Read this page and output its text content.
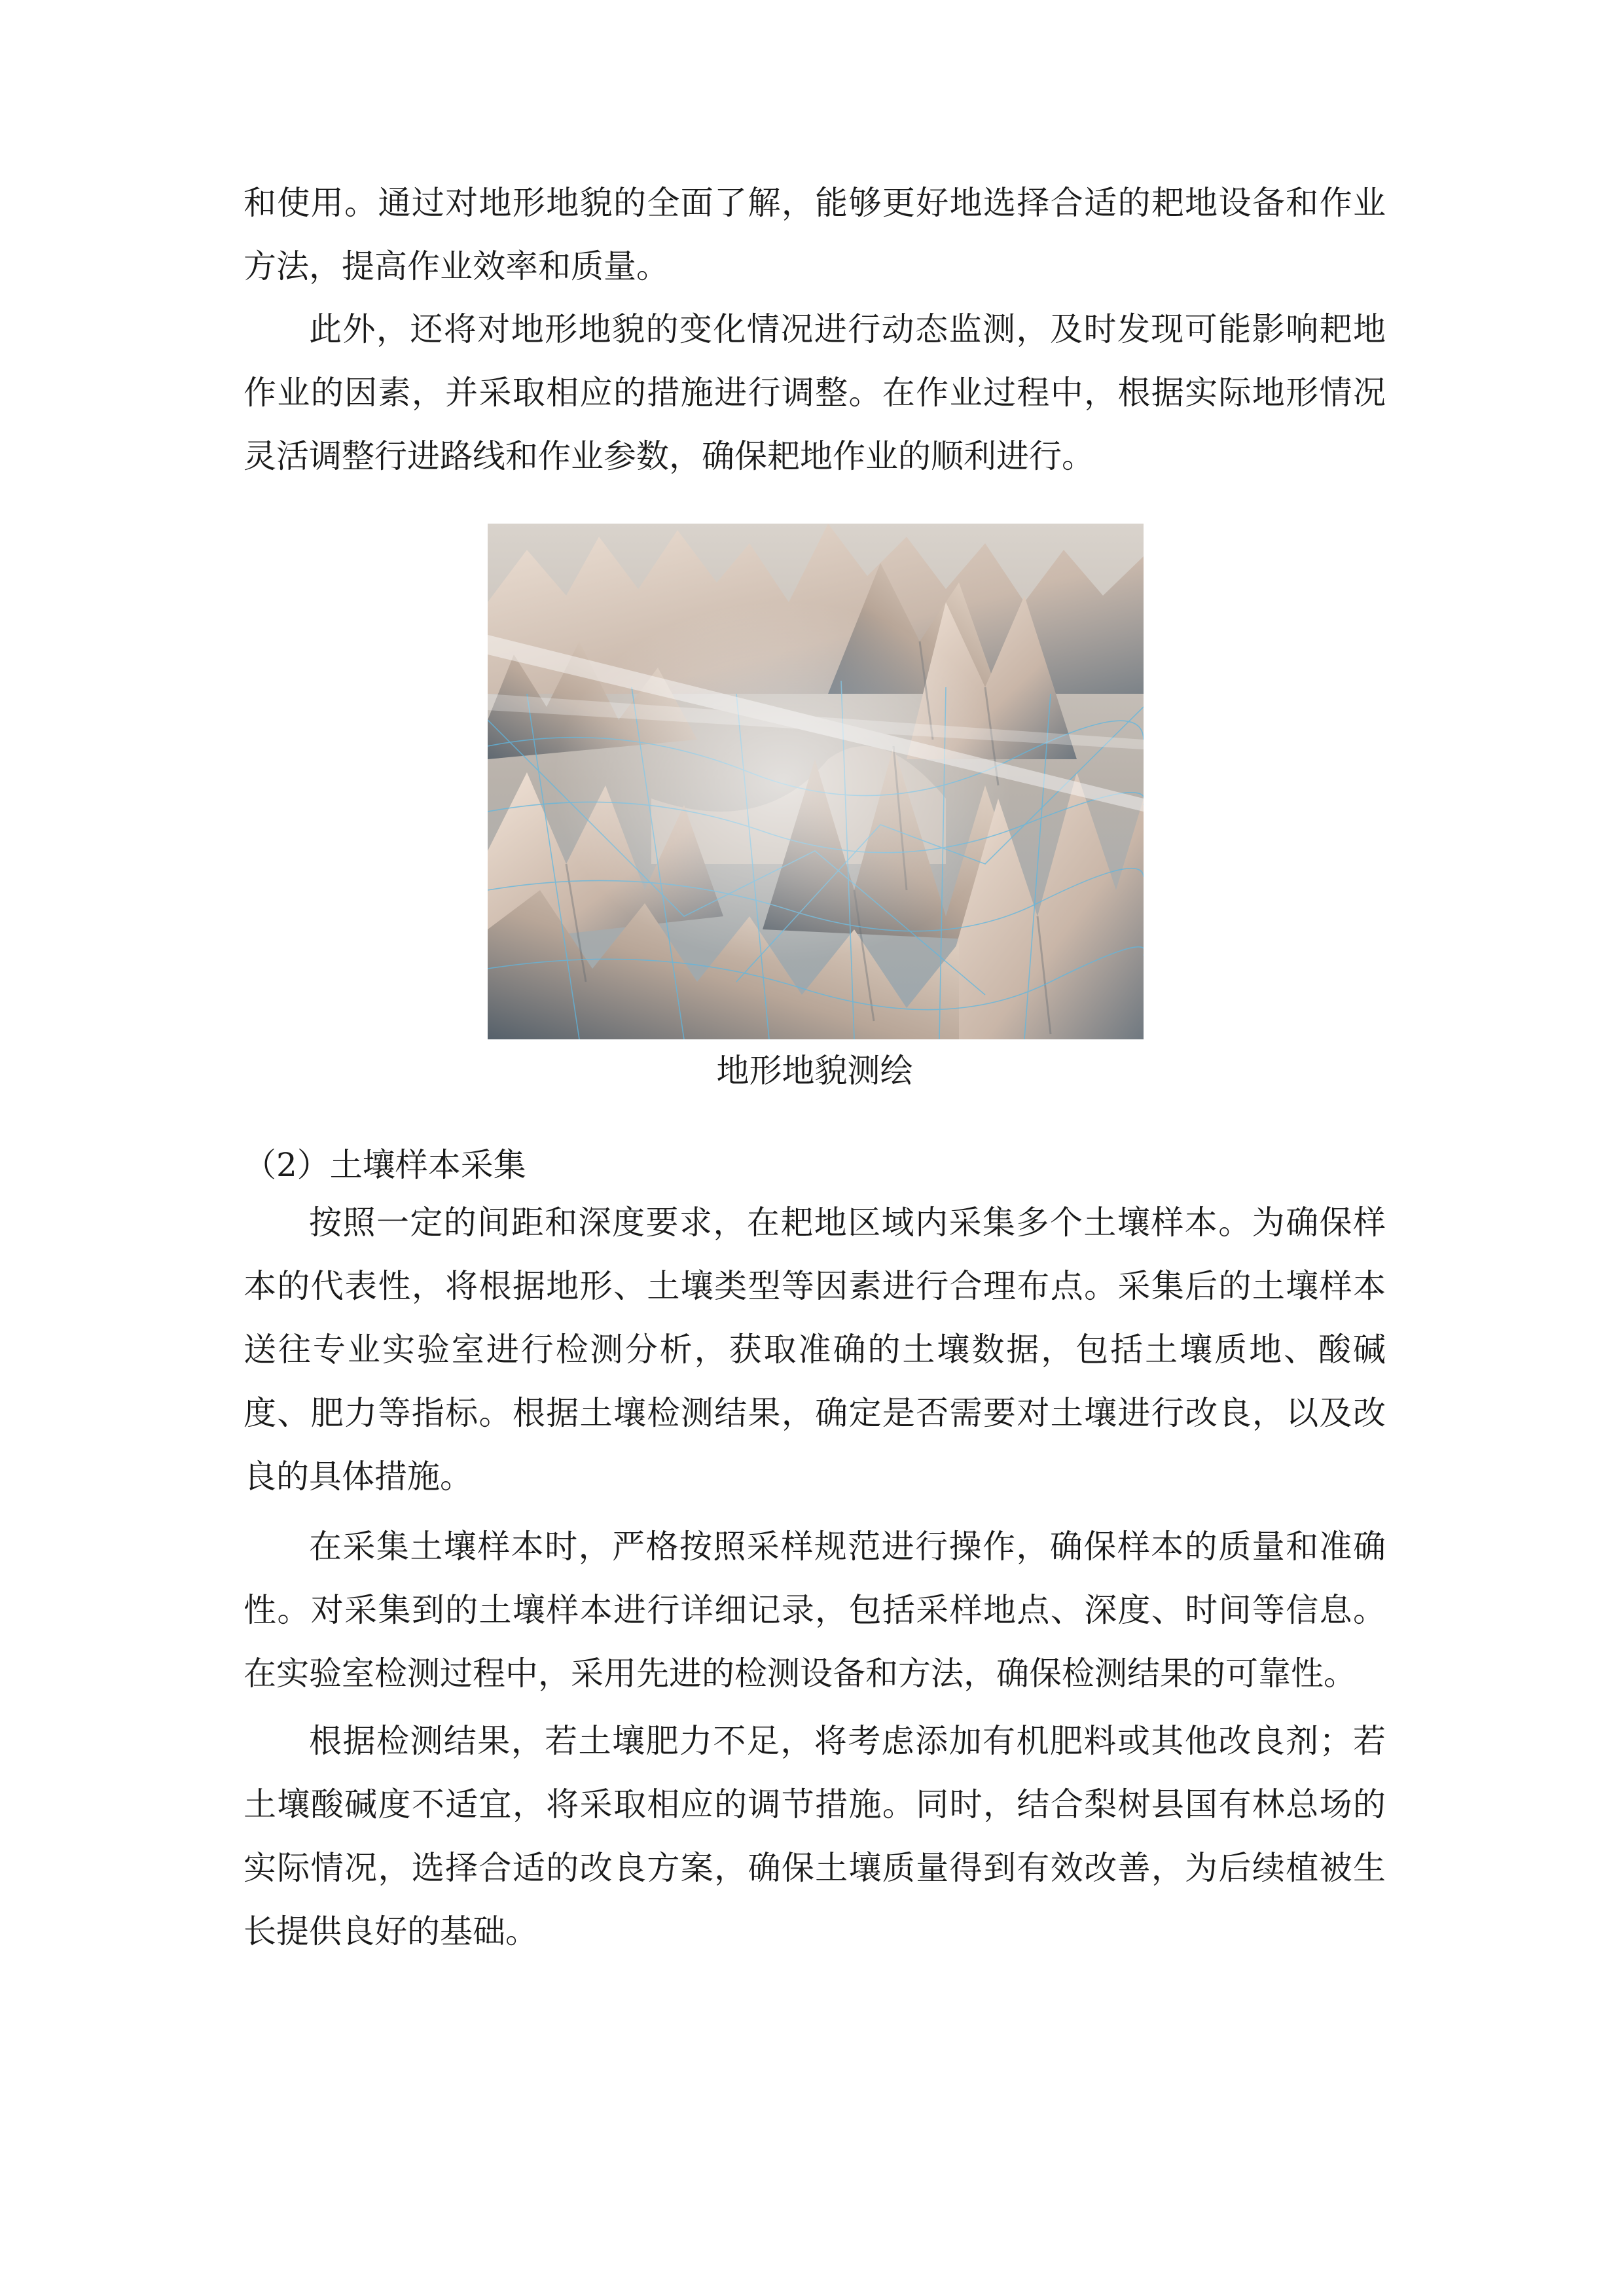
和使用。通过对地形地貌的全面了解，能够更好地选择合适的耙地设备和作业方法，提高作业效率和质量。

此外，还将对地形地貌的变化情况进行动态监测，及时发现可能影响耙地作业的因素，并采取相应的措施进行调整。在作业过程中，根据实际地形情况灵活调整行进路线和作业参数，确保耙地作业的顺利进行。

地形地貌测绘

（2）土壤样本采集

按照一定的间距和深度要求，在耙地区域内采集多个土壤样本。为确保样本的代表性，将根据地形、土壤类型等因素进行合理布点。采集后的土壤样本送往专业实验室进行检测分析，获取准确的土壤数据，包括土壤质地、酸碱度、肥力等指标。根据土壤检测结果，确定是否需要对土壤进行改良，以及改良的具体措施。

在采集土壤样本时，严格按照采样规范进行操作，确保样本的质量和准确性。对采集到的土壤样本进行详细记录，包括采样地点、深度、时间等信息。在实验室检测过程中，采用先进的检测设备和方法，确保检测结果的可靠性。

根据检测结果，若土壤肥力不足，将考虑添加有机肥料或其他改良剂；若土壤酸碱度不适宜，将采取相应的调节措施。同时，结合梨树县国有林总场的实际情况，选择合适的改良方案，确保土壤质量得到有效改善，为后续植被生长提供良好的基础。
